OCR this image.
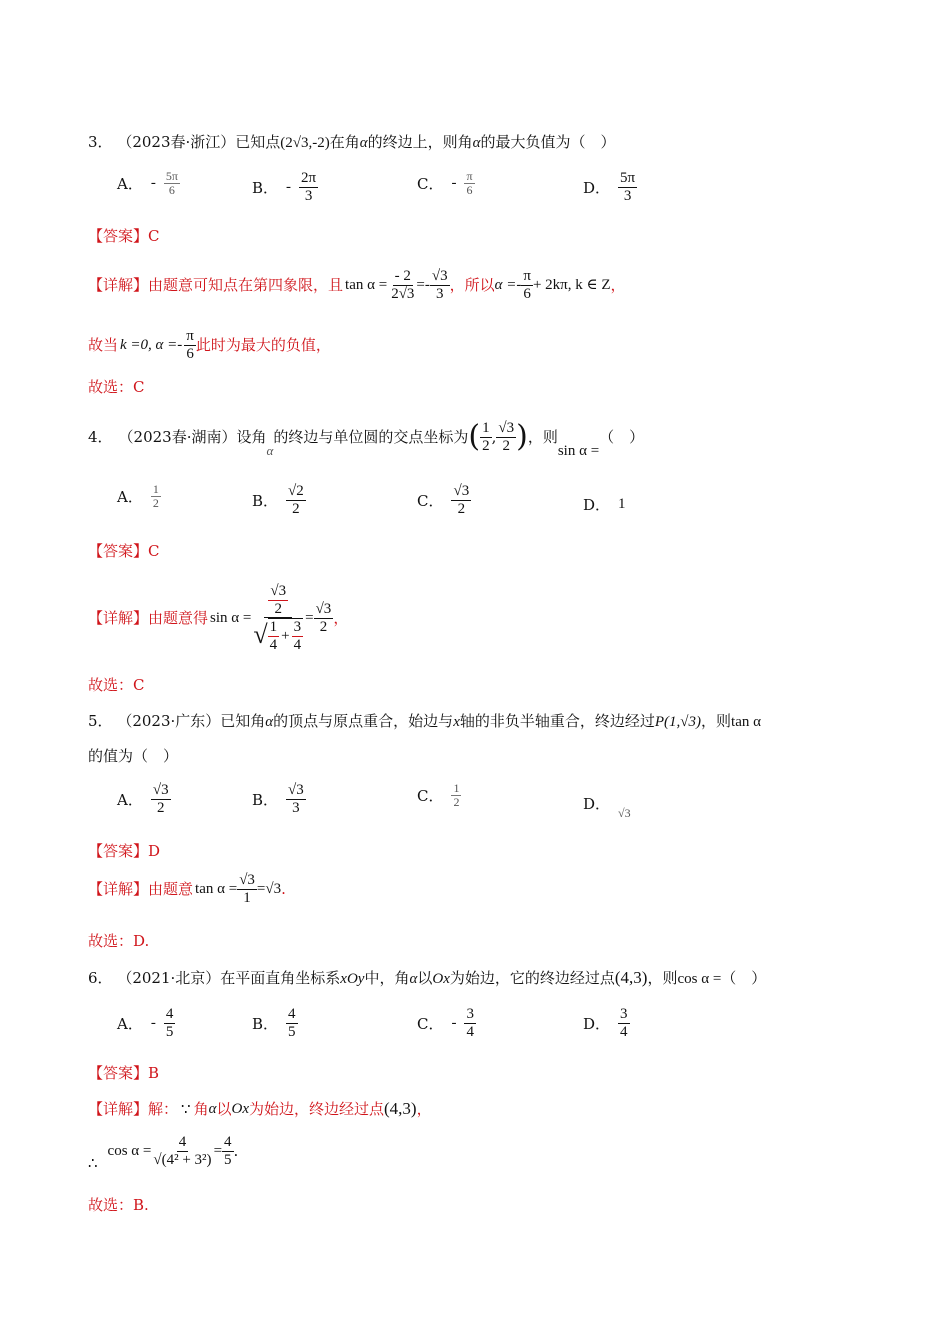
3． （2023春·浙江）已知点(2√3,-2)在角α的终边上，则角α的最大负值为（　）
A． - $\frac{5\pi}{6}$	B． - $\frac{2\pi}{3}$	C． - $\frac{\pi}{6}$	D． $\frac{5\pi}{3}$
【答案】C
【详解】 由题意可知点在第四象限，且 $\tan \alpha = \frac{- 2}{2√3} =- \frac{√3}{3}$ ，所以 $\alpha =- \frac{\pi}{6} + 2k\pi$, k ∈ Z ，
故当 k =0, $\alpha =- \frac{\pi}{6}$ 此时为最大的负值，
故选：C
4． （2023春·湖南） 设角
α
的终边与单位圆的交点坐标为 ( $\frac{1}{2}$ , $\frac{√3}{2}$ ) ，则
sin α =
（　）
A． $\frac{1}{2}$	B． $\frac{√2}{2}$	C． $\frac{√3}{2}$	D． 1
【答案】C
【详解】 由题意得 $\sin \alpha = \frac{\frac{√3}{2}}{√ \frac{1}{4} + \frac{3}{4}} = \frac{√3}{2}$ ，
故选：C
5． （2023·广东）已知角α的顶点与原点重合，始边与x轴的非负半轴重合，终边经过P(1,√3)，则tan α
的值为（　）
A． $\frac{√3}{2}$	B． $\frac{√3}{3}$	C． $\frac{1}{2}$	D． √3
【答案】D
【详解】 由题意 $\tan \alpha = \frac{√3}{1} =√3$ .
故选：D.
6． （2021·北京）在平面直角坐标系xOy中，角α以Ox为始边，它的终边经过点(4,3)，则cos α =（　）
A． - $\frac{4}{5}$	B． $\frac{4}{5}$	C． - $\frac{3}{4}$	D． $\frac{3}{4}$
【答案】B
【详解】 解： ∵ 角 α 以 Ox 为始边，终边经过点 (4,3) ，
∴
$\cos \alpha = \frac{4}{\text{√(4² + 3²)}} = \frac{4}{5}$ .
故选：B.
